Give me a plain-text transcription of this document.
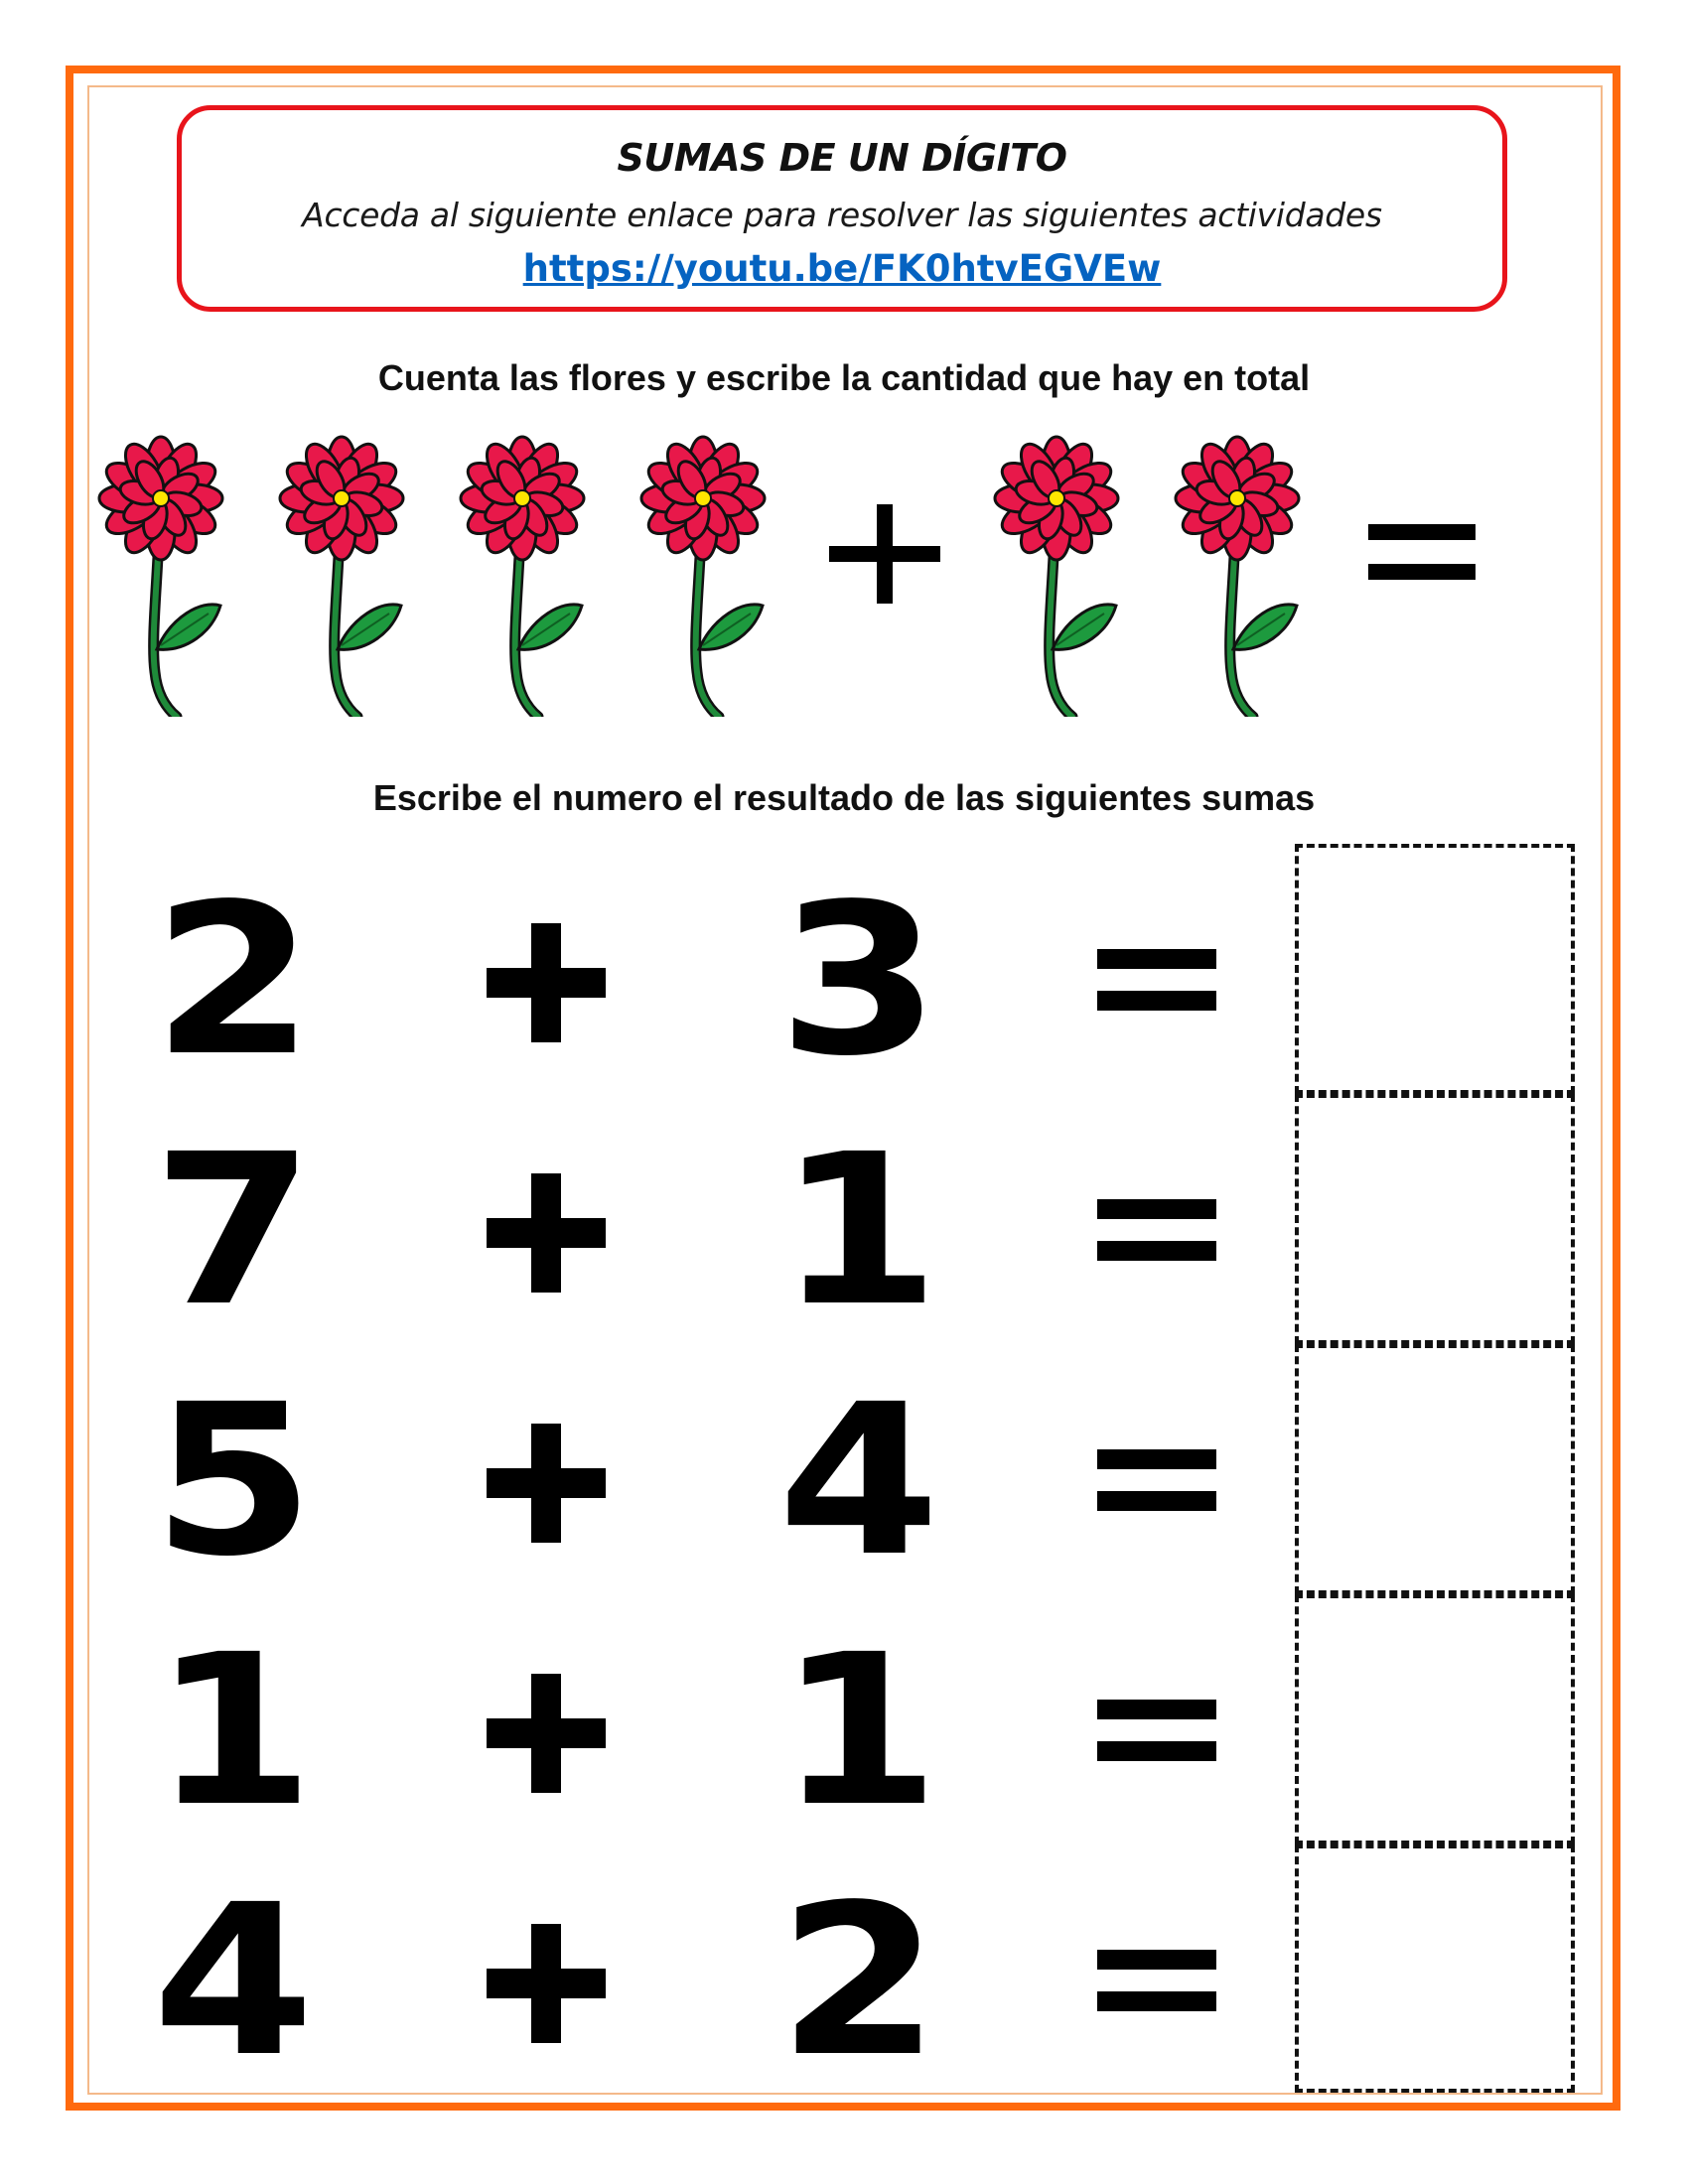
SUMAS DE UN DÍGITO
Acceda al siguiente enlace para resolver las siguientes actividades
https://youtu.be/FK0htvEGVEw
Cuenta las flores y escribe la cantidad que hay en total
Escribe el numero el resultado de las siguientes sumas
2 3
7 1
5 4
1 1
4 2
